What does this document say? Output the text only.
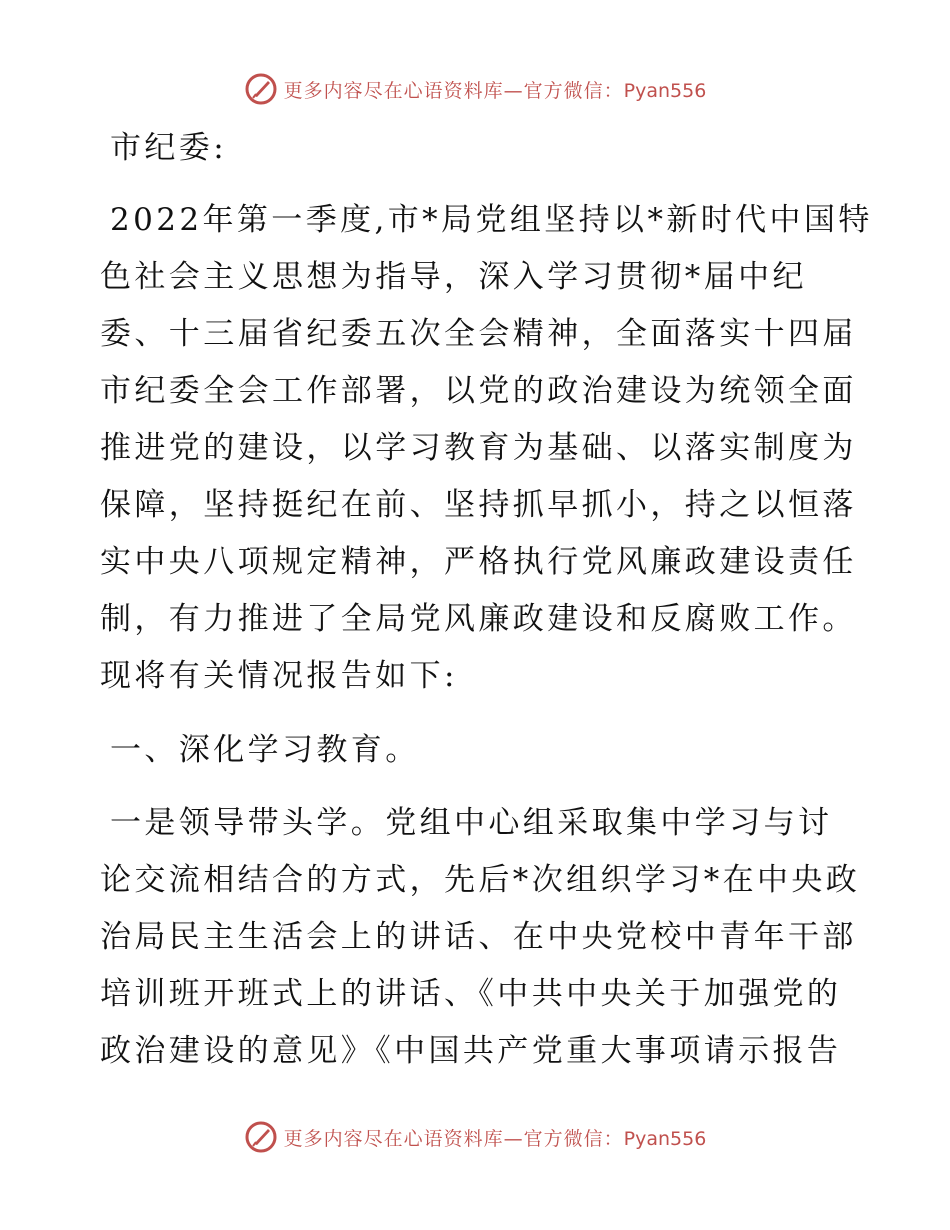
更多内容尽在心语资料库—官方微信：Pyan556
市纪委:
2022年第一季度,市*局党组坚持以*新时代中国特
色社会主义思想为指导，深入学习贯彻*届中纪
委、十三届省纪委五次全会精神，全面落实十四届
市纪委全会工作部署，以党的政治建设为统领全面
推进党的建设，以学习教育为基础、以落实制度为
保障，坚持挺纪在前、坚持抓早抓小，持之以恒落
实中央八项规定精神，严格执行党风廉政建设责任
制，有力推进了全局党风廉政建设和反腐败工作。
现将有关情况报告如下:
一、深化学习教育。
一是领导带头学。党组中心组采取集中学习与讨
论交流相结合的方式，先后*次组织学习*在中央政
治局民主生活会上的讲话、在中央党校中青年干部
培训班开班式上的讲话、《中共中央关于加强党的
政治建设的意见》《中国共产党重大事项请示报告
更多内容尽在心语资料库—官方微信：Pyan556
